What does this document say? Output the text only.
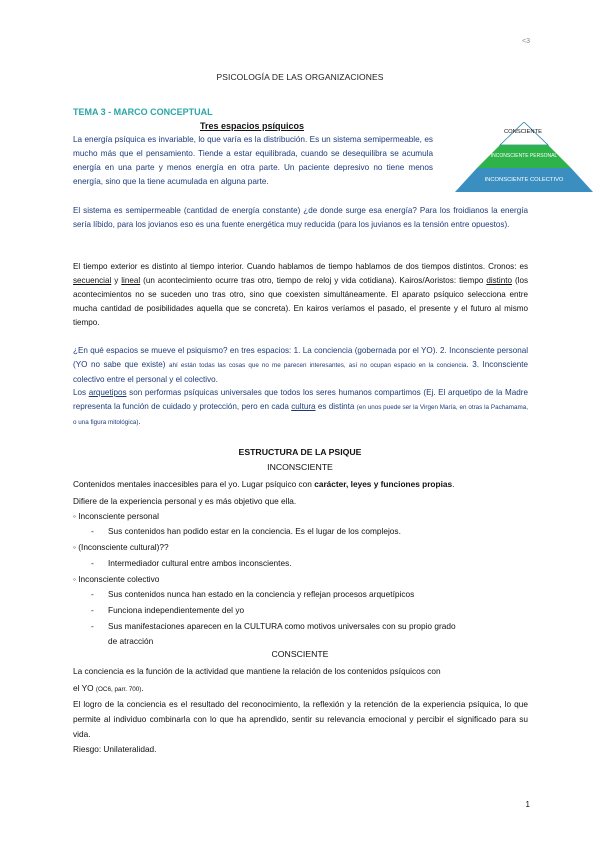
<3
PSICOLOGÍA DE LAS ORGANIZACIONES
TEMA 3 - MARCO CONCEPTUAL
Tres espacios psíquicos
CONSCIENTE
INCONSCIENTE PERSONAL
INCONSCIENTE COLECTIVO

La energía psíquica es invariable, lo que varía es la distribución. Es un sistema semipermeable, es mucho más que el pensamiento. Tiende a estar equilibrada, cuando se desequilibra se acumula energía en una parte y menos energía en otra parte. Un paciente depresivo no tiene menos energía, sino que la tiene acumulada en alguna parte.

El sistema es semipermeable (cantidad de energía constante) ¿de donde surge esa energía? Para los froidianos la energía sería líbido, para los jovianos eso es una fuente energética muy reducida (para los juvianos es la tensión entre opuestos).

El tiempo exterior es distinto al tiempo interior. Cuando hablamos de tiempo hablamos de dos tiempos distintos. Cronos: es secuencial y lineal (un acontecimiento ocurre tras otro, tiempo de reloj y vida cotidiana). Kairos/Aoristos: tiempo distinto (los acontecimientos no se suceden uno tras otro, sino que coexisten simultáneamente. El aparato psíquico selecciona entre mucha cantidad de posibilidades aquella que se concreta). En kairos veríamos el pasado, el presente y el futuro al mismo tiempo.

¿En qué espacios se mueve el psiquismo? en tres espacios: 1. La conciencia (gobernada por el YO). 2. Inconsciente personal (YO no sabe que existe) ahí están todas las cosas que no me parecen interesantes, así no ocupan espacio en la conciencia. 3. Inconsciente colectivo entre el personal y el colectivo.

Los arquetipos son performas psíquicas universales que todos los seres humanos compartimos (Ej. El arquetipo de la Madre representa la función de cuidado y protección, pero en cada cultura es distinta (en unos puede ser la Virgen María, en otras la Pachamama, o una figura mitológica).

ESTRUCTURA DE LA PSIQUE
INCONSCIENTE
Contenidos mentales inaccesibles para el yo. Lugar psíquico con carácter, leyes y funciones propias.
Difiere de la experiencia personal y es más objetivo que ella.
◦ Inconsciente personal
- Sus contenidos han podido estar en la conciencia. Es el lugar de los complejos.
◦ (Inconsciente cultural)??
- Intermediador cultural entre ambos inconscientes.
◦ Inconsciente colectivo
- Sus contenidos nunca han estado en la conciencia y reflejan procesos arquetípicos
- Funciona independientemente del yo
- Sus manifestaciones aparecen en la CULTURA como motivos universales con su propio grado
de atracción
CONSCIENTE
La conciencia es la función de la actividad que mantiene la relación de los contenidos psíquicos con
el YO (OC6, parr. 700).

El logro de la conciencia es el resultado del reconocimiento, la reflexión y la retención de la experiencia psíquica, lo que permite al individuo combinarla con lo que ha aprendido, sentir su relevancia emocional y percibir el significado para su vida.

Riesgo: Unilateralidad.
1
